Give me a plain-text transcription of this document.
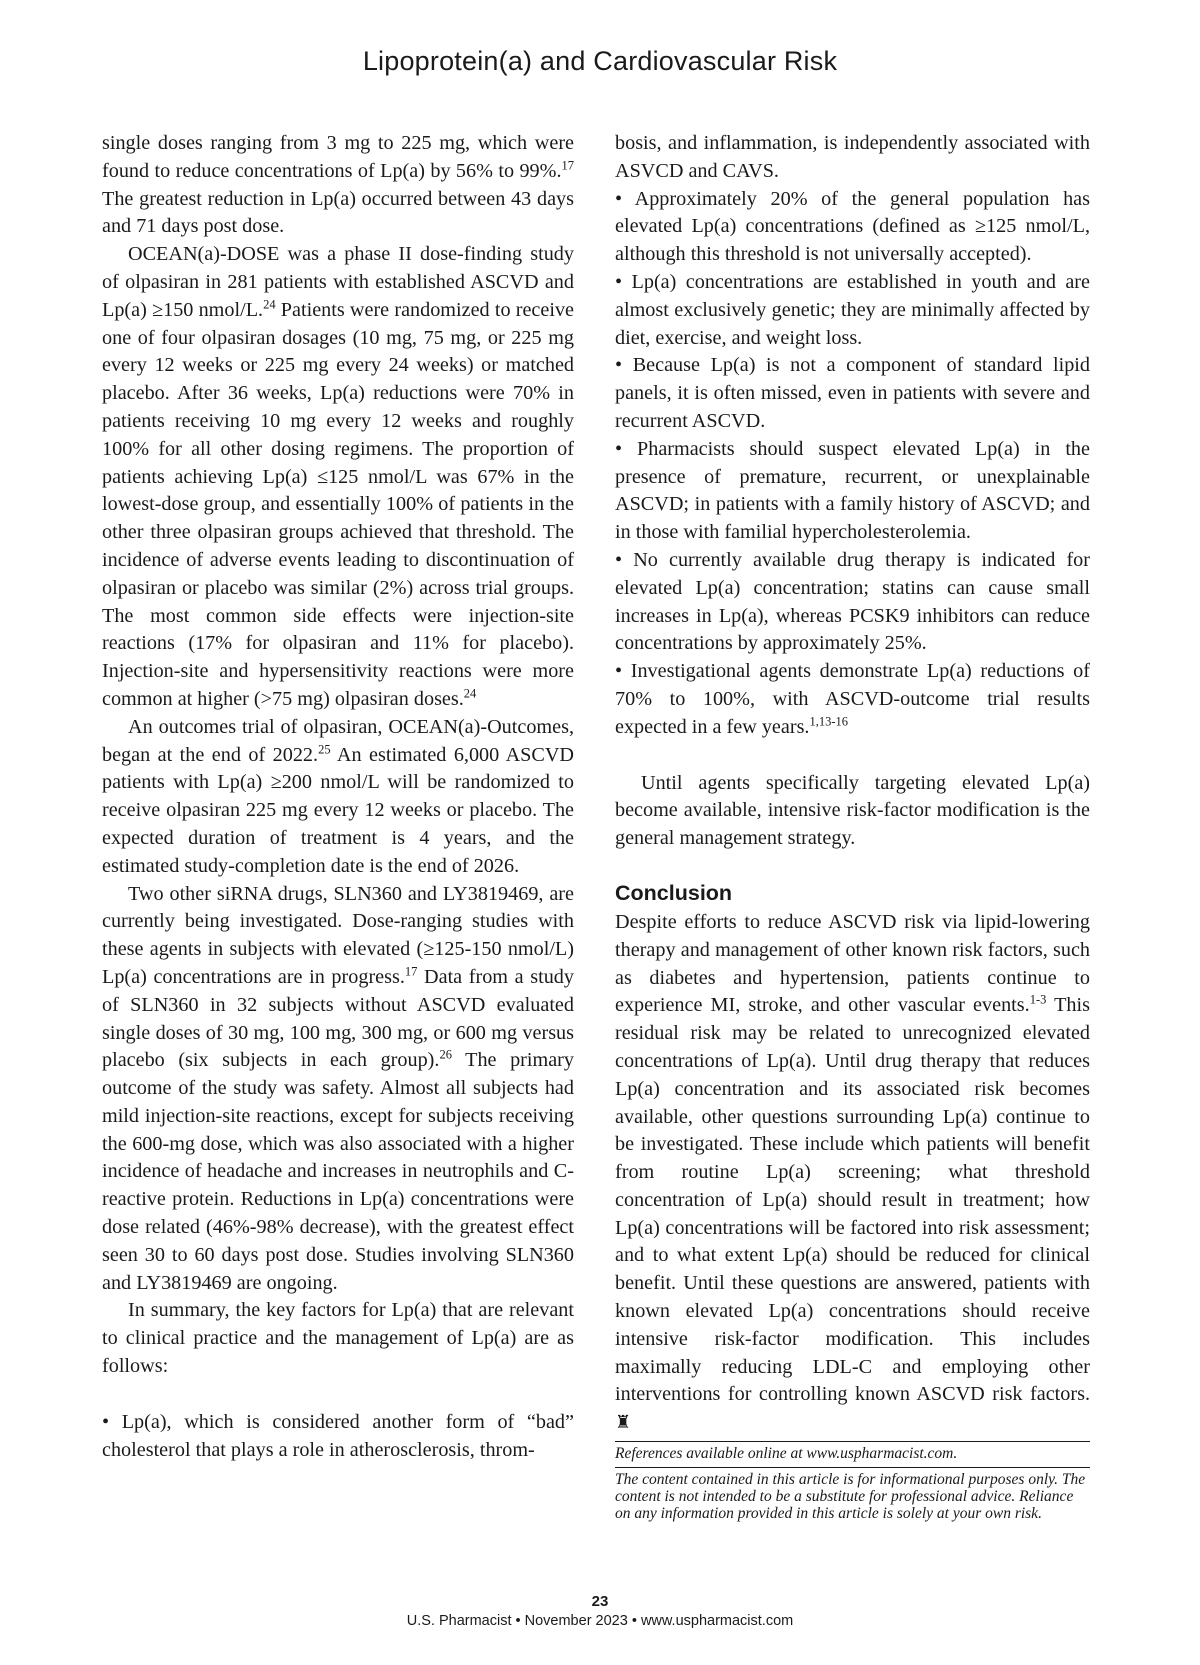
Lipoprotein(a) and Cardiovascular Risk

single doses ranging from 3 mg to 225 mg, which were found to reduce concentrations of Lp(a) by 56% to 99%.$^{17}$ The greatest reduction in Lp(a) occurred between 43 days and 71 days post dose.

OCEAN(a)-DOSE was a phase II dose-finding study of olpasiran in 281 patients with established ASCVD and Lp(a) ≥150 nmol/L.$^{24}$ Patients were randomized to receive one of four olpasiran dosages (10 mg, 75 mg, or 225 mg every 12 weeks or 225 mg every 24 weeks) or matched placebo. After 36 weeks, Lp(a) reductions were 70% in patients receiving 10 mg every 12 weeks and roughly 100% for all other dosing regimens. The proportion of patients achieving Lp(a) ≤125 nmol/L was 67% in the lowest-dose group, and essentially 100% of patients in the other three olpasiran groups achieved that threshold. The incidence of adverse events leading to discontinuation of olpasiran or placebo was similar (2%) across trial groups. The most common side effects were injection-site reactions (17% for olpasiran and 11% for placebo). Injection-site and hypersensitivity reactions were more common at higher (>75 mg) olpasiran doses.$^{24}$

An outcomes trial of olpasiran, OCEAN(a)-Outcomes, began at the end of 2022.25 An estimated 6,000 ASCVD patients with Lp(a) ≥200 nmol/L will be randomized to receive olpasiran 225 mg every 12 weeks or placebo. The expected duration of treatment is 4 years, and the estimated study-completion date is the end of 2026.

Two other siRNA drugs, SLN360 and LY3819469, are currently being investigated. Dose-ranging studies with these agents in subjects with elevated (≥125-150 nmol/L) Lp(a) concentrations are in progress.$^{17}$ Data from a study of SLN360 in 32 subjects without ASCVD evaluated single doses of 30 mg, 100 mg, 300 mg, or 600 mg versus placebo (six subjects in each group).$^{26}$ The primary outcome of the study was safety. Almost all subjects had mild injection-site reactions, except for subjects receiving the 600-mg dose, which was also associated with a higher incidence of headache and increases in neutrophils and C-reactive protein. Reductions in Lp(a) concentrations were dose related (46%-98% decrease), with the greatest effect seen 30 to 60 days post dose. Studies involving SLN360 and LY3819469 are ongoing.

In summary, the key factors for Lp(a) that are relevant to clinical practice and the management of Lp(a) are as follows:

• Lp(a), which is considered another form of “bad” cholesterol that plays a role in atherosclerosis, throm-

bosis, and inflammation, is independently associated with ASVCD and CAVS.

• Approximately 20% of the general population has elevated Lp(a) concentrations (defined as ≥125 nmol/L, although this threshold is not universally accepted).

• Lp(a) concentrations are established in youth and are almost exclusively genetic; they are minimally affected by diet, exercise, and weight loss.

• Because Lp(a) is not a component of standard lipid panels, it is often missed, even in patients with severe and recurrent ASCVD.

• Pharmacists should suspect elevated Lp(a) in the presence of premature, recurrent, or unexplainable ASCVD; in patients with a family history of ASCVD; and in those with familial hypercholesterolemia.

• No currently available drug therapy is indicated for elevated Lp(a) concentration; statins can cause small increases in Lp(a), whereas PCSK9 inhibitors can reduce concentrations by approximately 25%.

• Investigational agents demonstrate Lp(a) reductions of 70% to 100%, with ASCVD-outcome trial results expected in a few years.$^{1,13-16}$

Until agents specifically targeting elevated Lp(a) become available, intensive risk-factor modification is the general management strategy.

Conclusion

Despite efforts to reduce ASCVD risk via lipid-lowering therapy and management of other known risk factors, such as diabetes and hypertension, patients continue to experience MI, stroke, and other vascular events.$^{1-3}$ This residual risk may be related to unrecognized elevated concentrations of Lp(a). Until drug therapy that reduces Lp(a) concentration and its associated risk becomes available, other questions surrounding Lp(a) continue to be investigated. These include which patients will benefit from routine Lp(a) screening; what threshold concentration of Lp(a) should result in treatment; how Lp(a) concentrations will be factored into risk assessment; and to what extent Lp(a) should be reduced for clinical benefit. Until these questions are answered, patients with known elevated Lp(a) concentrations should receive intensive risk-factor modification. This includes maximally reducing LDL-C and employing other interventions for controlling known ASCVD risk factors. ♜

References available online at www.uspharmacist.com.

The content contained in this article is for informational purposes only. The content is not intended to be a substitute for professional advice. Reliance on any information provided in this article is solely at your own risk.

23
U.S. Pharmacist • November 2023 • www.uspharmacist.com
